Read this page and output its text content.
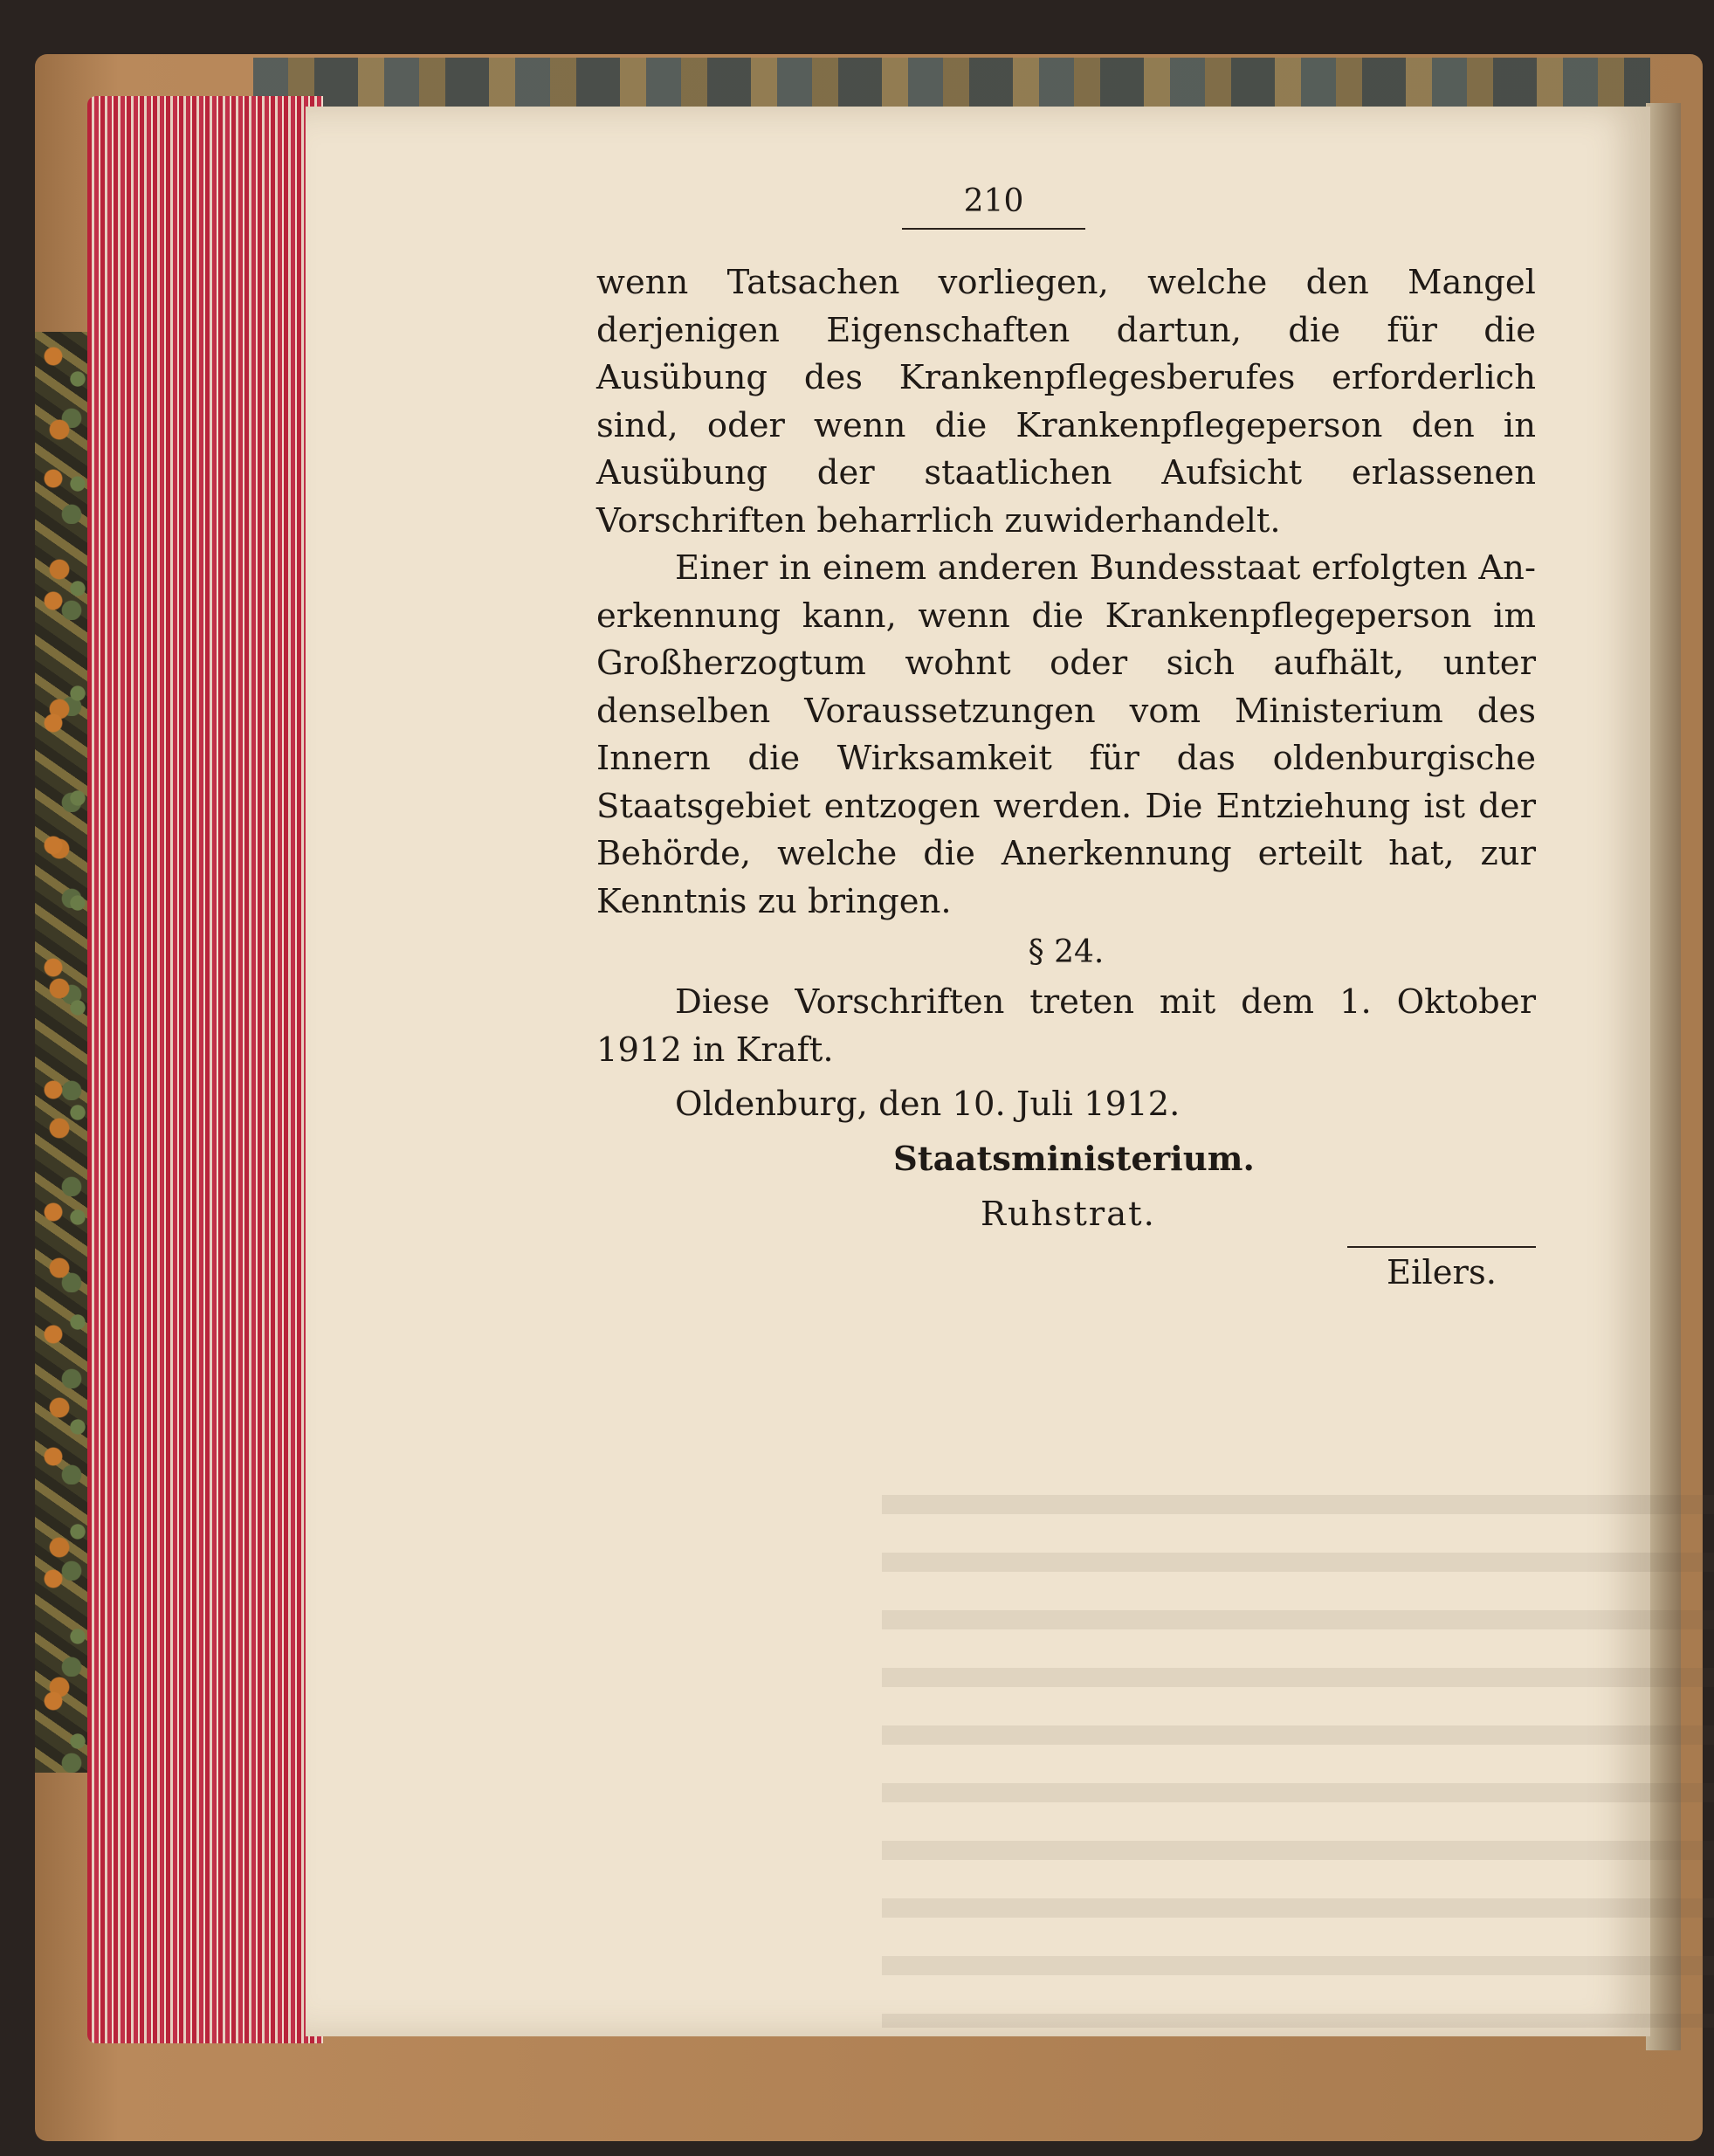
210

wenn Tatsachen vorliegen, welche den Mangel derjenigen Eigenschaften dartun, die für die Ausübung des Krankenpflegesberufes erforderlich sind, oder wenn die Krankenpflegeperson den in Ausübung der staatlichen Aufsicht erlassenen Vorschriften beharrlich zuwiderhandelt.

Einer in einem anderen Bundesstaat erfolgten Anerkennung kann, wenn die Krankenpflegeperson im Großherzogtum wohnt oder sich aufhält, unter denselben Voraussetzungen vom Ministerium des Innern die Wirksamkeit für das oldenburgische Staatsgebiet entzogen werden. Die Entziehung ist der Behörde, welche die Anerkennung erteilt hat, zur Kenntnis zu bringen.

§ 24.

Diese Vorschriften treten mit dem 1. Oktober 1912 in Kraft.

Oldenburg, den 10. Juli 1912.
Staatsministerium.
Ruhstrat.
Eilers.
